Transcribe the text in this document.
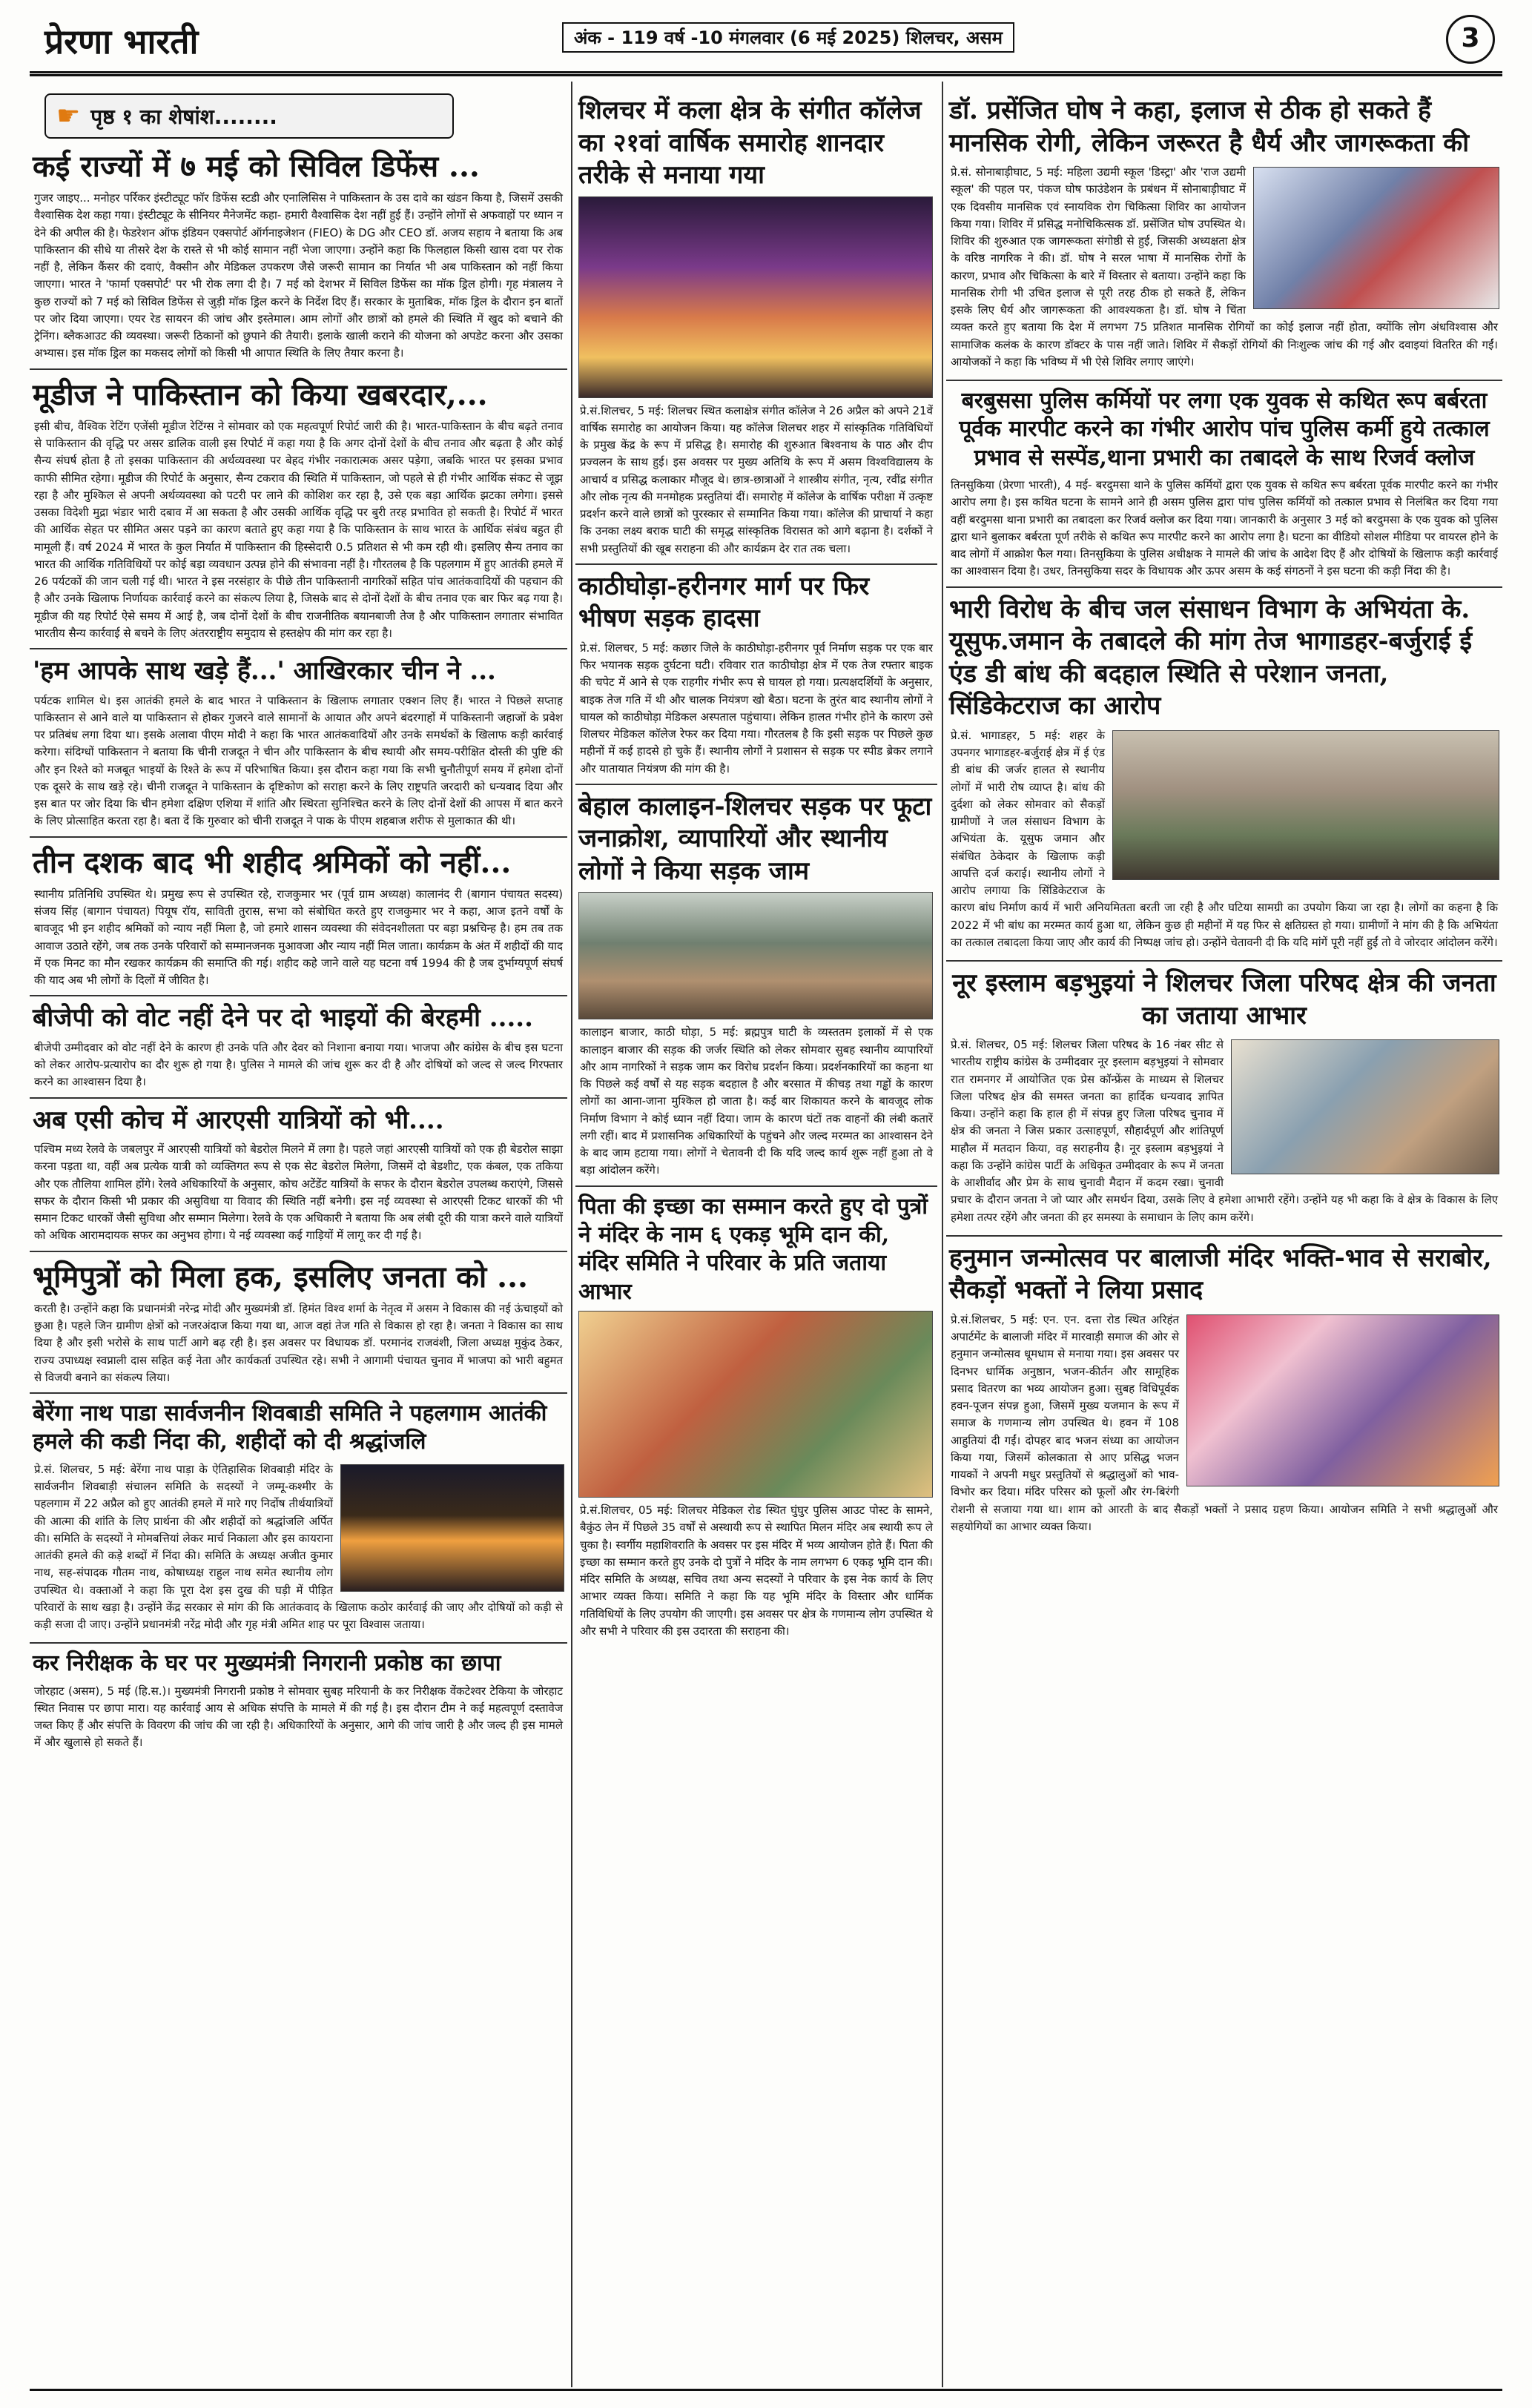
प्रेरणा भारती	अंक - 119 वर्ष -10 मंगलवार (6 मई 2025) शिलचर, असम	3
☛ पृष्ठ १ का शेषांश........
कई राज्यों में ७ मई को सिविल डिफेंस ...
गुजर जाइए... मनोहर पर्रिकर इंस्टीट्यूट फॉर डिफेंस स्टडी और एनालिसिस ने पाकिस्तान के उस दावे का खंडन किया है, जिसमें उसकी वैश्वासिक देश कहा गया। इंस्टीट्यूट के सीनियर मैनेजमेंट कहा- हमारी वैश्वासिक देश नहीं हुई हैं। उन्होंने लोगों से अफवाहों पर ध्यान न देने की अपील की है। फेडरेशन ऑफ इंडियन एक्सपोर्ट ऑर्गनाइजेशन (FIEO) के DG और CEO डॉ. अजय सहाय ने बताया कि अब पाकिस्तान की सीधे या तीसरे देश के रास्ते से भी कोई सामान नहीं भेजा जाएगा। उन्होंने कहा कि फिलहाल किसी खास दवा पर रोक नहीं है, लेकिन कैंसर की दवाएं, वैक्सीन और मेडिकल उपकरण जैसे जरूरी सामान का निर्यात भी अब पाकिस्तान को नहीं किया जाएगा। भारत ने 'फार्मा एक्सपोर्ट' पर भी रोक लगा दी है। 7 मई को देशभर में सिविल डिफेंस का मॉक ड्रिल होगी। गृह मंत्रालय ने कुछ राज्यों को 7 मई को सिविल डिफेंस से जुड़ी मॉक ड्रिल करने के निर्देश दिए हैं। सरकार के मुताबिक, मॉक ड्रिल के दौरान इन बातों पर जोर दिया जाएगा। एयर रेड सायरन की जांच और इस्तेमाल। आम लोगों और छात्रों को हमले की स्थिति में खुद को बचाने की ट्रेनिंग। ब्लैकआउट की व्यवस्था। जरूरी ठिकानों को छुपाने की तैयारी। इलाके खाली कराने की योजना को अपडेट करना और उसका अभ्यास। इस मॉक ड्रिल का मकसद लोगों को किसी भी आपात स्थिति के लिए तैयार करना है।
मूडीज ने पाकिस्तान को किया खबरदार,...
इसी बीच, वैश्विक रेटिंग एजेंसी मूडीज रेटिंग्स ने सोमवार को एक महत्वपूर्ण रिपोर्ट जारी की है। भारत-पाकिस्तान के बीच बढ़ते तनाव से पाकिस्तान की वृद्धि पर असर डालिक वाली इस रिपोर्ट में कहा गया है कि अगर दोनों देशों के बीच तनाव और बढ़ता है और कोई सैन्य संघर्ष होता है तो इसका पाकिस्तान की अर्थव्यवस्था पर बेहद गंभीर नकारात्मक असर पड़ेगा, जबकि भारत पर इसका प्रभाव काफी सीमित रहेगा। मूडीज की रिपोर्ट के अनुसार, सैन्य टकराव की स्थिति में पाकिस्तान, जो पहले से ही गंभीर आर्थिक संकट से जूझ रहा है और मुश्किल से अपनी अर्थव्यवस्था को पटरी पर लाने की कोशिश कर रहा है, उसे एक बड़ा आर्थिक झटका लगेगा। इससे उसका विदेशी मुद्रा भंडार भारी दबाव में आ सकता है और उसकी आर्थिक वृद्धि पर बुरी तरह प्रभावित हो सकती है। रिपोर्ट में भारत की आर्थिक सेहत पर सीमित असर पड़ने का कारण बताते हुए कहा गया है कि पाकिस्तान के साथ भारत के आर्थिक संबंध बहुत ही मामूली हैं। वर्ष 2024 में भारत के कुल निर्यात में पाकिस्तान की हिस्सेदारी 0.5 प्रतिशत से भी कम रही थी। इसलिए सैन्य तनाव का भारत की आर्थिक गतिविधियों पर कोई बड़ा व्यवधान उत्पन्न होने की संभावना नहीं है। गौरतलब है कि पहलगाम में हुए आतंकी हमले में 26 पर्यटकों की जान चली गई थी। भारत ने इस नरसंहार के पीछे तीन पाकिस्तानी नागरिकों सहित पांच आतंकवादियों की पहचान की है और उनके खिलाफ निर्णायक कार्रवाई करने का संकल्प लिया है, जिसके बाद से दोनों देशों के बीच तनाव एक बार फिर बढ़ गया है। मूडीज की यह रिपोर्ट ऐसे समय में आई है, जब दोनों देशों के बीच राजनीतिक बयानबाजी तेज है और पाकिस्तान लगातार संभावित भारतीय सैन्य कार्रवाई से बचने के लिए अंतरराष्ट्रीय समुदाय से हस्तक्षेप की मांग कर रहा है।
'हम आपके साथ खड़े हैं...' आखिरकार चीन ने ...
पर्यटक शामिल थे। इस आतंकी हमले के बाद भारत ने पाकिस्तान के खिलाफ लगातार एक्शन लिए हैं। भारत ने पिछले सप्ताह पाकिस्तान से आने वाले या पाकिस्तान से होकर गुजरने वाले सामानों के आयात और अपने बंदरगाहों में पाकिस्तानी जहाजों के प्रवेश पर प्रतिबंध लगा दिया था। इसके अलावा पीएम मोदी ने कहा कि भारत आतंकवादियों और उनके समर्थकों के खिलाफ कड़ी कार्रवाई करेगा। संदिग्धों पाकिस्तान ने बताया कि चीनी राजदूत ने चीन और पाकिस्तान के बीच स्थायी और समय-परीक्षित दोस्ती की पुष्टि की और इन रिश्ते को मजबूत भाइयों के रिश्ते के रूप में परिभाषित किया। इस दौरान कहा गया कि सभी चुनौतीपूर्ण समय में हमेशा दोनों एक दूसरे के साथ खड़े रहे। चीनी राजदूत ने पाकिस्तान के दृष्टिकोण को सराहा करने के लिए राष्ट्रपति जरदारी को धन्यवाद दिया और इस बात पर जोर दिया कि चीन हमेशा दक्षिण एशिया में शांति और स्थिरता सुनिश्चित करने के लिए दोनों देशों की आपस में बात करने के लिए प्रोत्साहित करता रहा है। बता दें कि गुरुवार को चीनी राजदूत ने पाक के पीएम शहबाज शरीफ से मुलाकात की थी।
तीन दशक बाद भी शहीद श्रमिकों को नहीं...
स्थानीय प्रतिनिधि उपस्थित थे। प्रमुख रूप से उपस्थित रहे, राजकुमार भर (पूर्व ग्राम अध्यक्ष) कालानंद री (बागान पंचायत सदस्य) संजय सिंह (बागान पंचायत) पियूष राॅय, साविती तुरास, सभा को संबोधित करते हुए राजकुमार भर ने कहा, आज इतने वर्षों के बावजूद भी इन शहीद श्रमिकों को न्याय नहीं मिला है, जो हमारे शासन व्यवस्था की संवेदनशीलता पर बड़ा प्रश्नचिन्ह है। हम तब तक आवाज उठाते रहेंगे, जब तक उनके परिवारों को सम्मानजनक मुआवजा और न्याय नहीं मिल जाता। कार्यक्रम के अंत में शहीदों की याद में एक मिनट का मौन रखकर कार्यक्रम की समाप्ति की गई। शहीद कहे जाने वाले यह घटना वर्ष 1994 की है जब दुर्भाग्यपूर्ण संघर्ष की याद अब भी लोगों के दिलों में जीवित है।
बीजेपी को वोट नहीं देने पर दो भाइयों की बेरहमी .....
बीजेपी उम्मीदवार को वोट नहीं देने के कारण ही उनके पति और देवर को निशाना बनाया गया। भाजपा और कांग्रेस के बीच इस घटना को लेकर आरोप-प्रत्यारोप का दौर शुरू हो गया है। पुलिस ने मामले की जांच शुरू कर दी है और दोषियों को जल्द से जल्द गिरफ्तार करने का आश्वासन दिया है।
अब एसी कोच में आरएसी यात्रियों को भी....
पश्चिम मध्य रेलवे के जबलपुर में आरएसी यात्रियों को बेडरोल मिलने में लगा है। पहले जहां आरएसी यात्रियों को एक ही बेडरोल साझा करना पड़ता था, वहीं अब प्रत्येक यात्री को व्यक्तिगत रूप से एक सेट बेडरोल मिलेगा, जिसमें दो बेडशीट, एक कंबल, एक तकिया और एक तौलिया शामिल होंगे। रेलवे अधिकारियों के अनुसार, कोच अटेंडेंट यात्रियों के सफर के दौरान बेडरोल उपलब्ध कराएंगे, जिससे सफर के दौरान किसी भी प्रकार की असुविधा या विवाद की स्थिति नहीं बनेगी। इस नई व्यवस्था से आरएसी टिकट धारकों की भी समान टिकट धारकों जैसी सुविधा और सम्मान मिलेगा। रेलवे के एक अधिकारी ने बताया कि अब लंबी दूरी की यात्रा करने वाले यात्रियों को अधिक आरामदायक सफर का अनुभव होगा। ये नई व्यवस्था कई गाड़ियों में लागू कर दी गई है।
भूमिपुत्रों को मिला हक, इसलिए जनता को ...
करती है। उन्होंने कहा कि प्रधानमंत्री नरेन्द्र मोदी और मुख्यमंत्री डॉ. हिमंत विश्व शर्मा के नेतृत्व में असम ने विकास की नई ऊंचाइयों को छुआ है। पहले जिन ग्रामीण क्षेत्रों को नजरअंदाज किया गया था, आज वहां तेज गति से विकास हो रहा है। जनता ने विकास का साथ दिया है और इसी भरोसे के साथ पार्टी आगे बढ़ रही है। इस अवसर पर विधायक डॉ. परमानंद राजवंशी, जिला अध्यक्ष मुकुंद ठेकर, राज्य उपाध्यक्ष स्वप्नाली दास सहित कई नेता और कार्यकर्ता उपस्थित रहे। सभी ने आगामी पंचायत चुनाव में भाजपा को भारी बहुमत से विजयी बनाने का संकल्प लिया।
बेरेंगा नाथ पाडा सार्वजनीन शिवबाडी समिति ने पहलगाम आतंकी हमले की कडी निंदा की, शहीदों को दी श्रद्धांजलि
प्रे.सं. शिलचर, 5 मई: बेरेंगा नाथ पाड़ा के ऐतिहासिक शिवबाड़ी मंदिर के सार्वजनीन शिवबाड़ी संचालन समिति के सदस्यों ने जम्मू-कश्मीर के पहलगाम में 22 अप्रैल को हुए आतंकी हमले में मारे गए निर्दोष तीर्थयात्रियों की आत्मा की शांति के लिए प्रार्थना की और शहीदों को श्रद्धांजलि अर्पित की। समिति के सदस्यों ने मोमबत्तियां लेकर मार्च निकाला और इस कायराना आतंकी हमले की कड़े शब्दों में निंदा की। समिति के अध्यक्ष अजीत कुमार नाथ, सह-संपादक गौतम नाथ, कोषाध्यक्ष राहुल नाथ समेत स्थानीय लोग उपस्थित थे। वक्ताओं ने कहा कि पूरा देश इस दुख की घड़ी में पीड़ित परिवारों के साथ खड़ा है। उन्होंने केंद्र सरकार से मांग की कि आतंकवाद के खिलाफ कठोर कार्रवाई की जाए और दोषियों को कड़ी से कड़ी सजा दी जाए। उन्होंने प्रधानमंत्री नरेंद्र मोदी और गृह मंत्री अमित शाह पर पूरा विश्वास जताया।
कर निरीक्षक के घर पर मुख्यमंत्री निगरानी प्रकोष्ठ का छापा
जोरहाट (असम), 5 मई (हि.स.)। मुख्यमंत्री निगरानी प्रकोष्ठ ने सोमवार सुबह मरियानी के कर निरीक्षक वेंकटेश्वर टेकिया के जोरहाट स्थित निवास पर छापा मारा। यह कार्रवाई आय से अधिक संपत्ति के मामले में की गई है। इस दौरान टीम ने कई महत्वपूर्ण दस्तावेज जब्त किए हैं और संपत्ति के विवरण की जांच की जा रही है। अधिकारियों के अनुसार, आगे की जांच जारी है और जल्द ही इस मामले में और खुलासे हो सकते हैं।
शिलचर में कला क्षेत्र के संगीत कॉलेज का २१वां वार्षिक समारोह शानदार तरीके से मनाया गया
प्रे.सं.शिलचर, 5 मई: शिलचर स्थित कलाक्षेत्र संगीत कॉलेज ने 26 अप्रैल को अपने 21वें वार्षिक समारोह का आयोजन किया। यह कॉलेज शिलचर शहर में सांस्कृतिक गतिविधियों के प्रमुख केंद्र के रूप में प्रसिद्ध है। समारोह की शुरुआत बिश्वनाथ के पाठ और दीप प्रज्वलन के साथ हुई। इस अवसर पर मुख्य अतिथि के रूप में असम विश्वविद्यालय के आचार्य व प्रसिद्ध कलाकार मौजूद थे। छात्र-छात्राओं ने शास्त्रीय संगीत, नृत्य, रवींद्र संगीत और लोक नृत्य की मनमोहक प्रस्तुतियां दीं। समारोह में कॉलेज के वार्षिक परीक्षा में उत्कृष्ट प्रदर्शन करने वाले छात्रों को पुरस्कार से सम्मानित किया गया। कॉलेज की प्राचार्या ने कहा कि उनका लक्ष्य बराक घाटी की समृद्ध सांस्कृतिक विरासत को आगे बढ़ाना है। दर्शकों ने सभी प्रस्तुतियों की खूब सराहना की और कार्यक्रम देर रात तक चला।
काठीघोड़ा-हरीनगर मार्ग पर फिर भीषण सड़क हादसा
प्रे.सं. शिलचर, 5 मई: कछार जिले के काठीघोड़ा-हरीनगर पूर्व निर्माण सड़क पर एक बार फिर भयानक सड़क दुर्घटना घटी। रविवार रात काठीघोड़ा क्षेत्र में एक तेज रफ्तार बाइक की चपेट में आने से एक राहगीर गंभीर रूप से घायल हो गया। प्रत्यक्षदर्शियों के अनुसार, बाइक तेज गति में थी और चालक नियंत्रण खो बैठा। घटना के तुरंत बाद स्थानीय लोगों ने घायल को काठीघोड़ा मेडिकल अस्पताल पहुंचाया। लेकिन हालत गंभीर होने के कारण उसे शिलचर मेडिकल कॉलेज रेफर कर दिया गया। गौरतलब है कि इसी सड़क पर पिछले कुछ महीनों में कई हादसे हो चुके हैं। स्थानीय लोगों ने प्रशासन से सड़क पर स्पीड ब्रेकर लगाने और यातायात नियंत्रण की मांग की है।
बेहाल कालाइन-शिलचर सड़क पर फूटा जनाक्रोश, व्यापारियों और स्थानीय लोगों ने किया सड़क जाम
कालाइन बाजार, काठी घोड़ा, 5 मई: ब्रह्मपुत्र घाटी के व्यस्ततम इलाकों में से एक कालाइन बाजार की सड़क की जर्जर स्थिति को लेकर सोमवार सुबह स्थानीय व्यापारियों और आम नागरिकों ने सड़क जाम कर विरोध प्रदर्शन किया। प्रदर्शनकारियों का कहना था कि पिछले कई वर्षों से यह सड़क बदहाल है और बरसात में कीचड़ तथा गड्ढों के कारण लोगों का आना-जाना मुश्किल हो जाता है। कई बार शिकायत करने के बावजूद लोक निर्माण विभाग ने कोई ध्यान नहीं दिया। जाम के कारण घंटों तक वाहनों की लंबी कतारें लगी रहीं। बाद में प्रशासनिक अधिकारियों के पहुंचने और जल्द मरम्मत का आश्वासन देने के बाद जाम हटाया गया। लोगों ने चेतावनी दी कि यदि जल्द कार्य शुरू नहीं हुआ तो वे बड़ा आंदोलन करेंगे।
पिता की इच्छा का सम्मान करते हुए दो पुत्रों ने मंदिर के नाम ६ एकड़ भूमि दान की, मंदिर समिति ने परिवार के प्रति जताया आभार
प्रे.सं.शिलचर, 05 मई: शिलचर मेडिकल रोड स्थित घुंघुर पुलिस आउट पोस्ट के सामने, बैकुंठ लेन में पिछले 35 वर्षों से अस्थायी रूप से स्थापित मिलन मंदिर अब स्थायी रूप ले चुका है। स्वर्गीय महाशिवराति के अवसर पर इस मंदिर में भव्य आयोजन होते हैं। पिता की इच्छा का सम्मान करते हुए उनके दो पुत्रों ने मंदिर के नाम लगभग 6 एकड़ भूमि दान की। मंदिर समिति के अध्यक्ष, सचिव तथा अन्य सदस्यों ने परिवार के इस नेक कार्य के लिए आभार व्यक्त किया। समिति ने कहा कि यह भूमि मंदिर के विस्तार और धार्मिक गतिविधियों के लिए उपयोग की जाएगी। इस अवसर पर क्षेत्र के गणमान्य लोग उपस्थित थे और सभी ने परिवार की इस उदारता की सराहना की।
डॉ. प्रसेंजित घोष ने कहा, इलाज से ठीक हो सकते हैं मानसिक रोगी, लेकिन जरूरत है धैर्य और जागरूकता की
प्रे.सं. सोनाबाड़ीघाट, 5 मई: महिला उद्यमी स्कूल 'डिस्ट्रा' और 'राज उद्यमी स्कूल' की पहल पर, पंकज घोष फाउंडेशन के प्रबंधन में सोनाबाड़ीघाट में एक दिवसीय मानसिक एवं स्नायविक रोग चिकित्सा शिविर का आयोजन किया गया। शिविर में प्रसिद्ध मनोचिकित्सक डॉ. प्रसेंजित घोष उपस्थित थे। शिविर की शुरुआत एक जागरूकता संगोष्ठी से हुई, जिसकी अध्यक्षता क्षेत्र के वरिष्ठ नागरिक ने की। डॉ. घोष ने सरल भाषा में मानसिक रोगों के कारण, प्रभाव और चिकित्सा के बारे में विस्तार से बताया। उन्होंने कहा कि मानसिक रोगी भी उचित इलाज से पूरी तरह ठीक हो सकते हैं, लेकिन इसके लिए धैर्य और जागरूकता की आवश्यकता है। डॉ. घोष ने चिंता व्यक्त करते हुए बताया कि देश में लगभग 75 प्रतिशत मानसिक रोगियों का कोई इलाज नहीं होता, क्योंकि लोग अंधविश्वास और सामाजिक कलंक के कारण डॉक्टर के पास नहीं जाते। शिविर में सैकड़ों रोगियों की निःशुल्क जांच की गई और दवाइयां वितरित की गईं। आयोजकों ने कहा कि भविष्य में भी ऐसे शिविर लगाए जाएंगे।
बरबुससा पुलिस कर्मियों पर लगा एक युवक से कथित रूप बर्बरता पूर्वक मारपीट करने का गंभीर आरोप पांच पुलिस कर्मी हुये तत्काल प्रभाव से सस्पेंड,थाना प्रभारी का तबादले के साथ रिजर्व क्लोज
तिनसुकिया (प्रेरणा भारती), 4 मई- बरदुमसा थाने के पुलिस कर्मियों द्वारा एक युवक से कथित रूप बर्बरता पूर्वक मारपीट करने का गंभीर आरोप लगा है। इस कथित घटना के सामने आने ही असम पुलिस द्वारा पांच पुलिस कर्मियों को तत्काल प्रभाव से निलंबित कर दिया गया वहीं बरदुमसा थाना प्रभारी का तबादला कर रिजर्व क्लोज कर दिया गया। जानकारी के अनुसार 3 मई को बरदुमसा के एक युवक को पुलिस द्वारा थाने बुलाकर बर्बरता पूर्ण तरीके से कथित रूप मारपीट करने का आरोप लगा है। घटना का वीडियो सोशल मीडिया पर वायरल होने के बाद लोगों में आक्रोश फैल गया। तिनसुकिया के पुलिस अधीक्षक ने मामले की जांच के आदेश दिए हैं और दोषियों के खिलाफ कड़ी कार्रवाई का आश्वासन दिया है। उधर, तिनसुकिया सदर के विधायक और ऊपर असम के कई संगठनों ने इस घटना की कड़ी निंदा की है।
भारी विरोध के बीच जल संसाधन विभाग के अभियंता के. यूसुफ.जमान के तबादले की मांग तेज भागाडहर-बर्जुराई ई एंड डी बांध की बदहाल स्थिति से परेशान जनता, सिंडिकेटराज का आरोप
प्रे.सं. भागाडहर, 5 मई: शहर के उपनगर भागाडहर-बर्जुराई क्षेत्र में ई एंड डी बांध की जर्जर हालत से स्थानीय लोगों में भारी रोष व्याप्त है। बांध की दुर्दशा को लेकर सोमवार को सैकड़ों ग्रामीणों ने जल संसाधन विभाग के अभियंता के. यूसुफ जमान और संबंधित ठेकेदार के खिलाफ कड़ी आपत्ति दर्ज कराई। स्थानीय लोगों ने आरोप लगाया कि सिंडिकेटराज के कारण बांध निर्माण कार्य में भारी अनियमितता बरती जा रही है और घटिया सामग्री का उपयोग किया जा रहा है। लोगों का कहना है कि 2022 में भी बांध का मरम्मत कार्य हुआ था, लेकिन कुछ ही महीनों में यह फिर से क्षतिग्रस्त हो गया। ग्रामीणों ने मांग की है कि अभियंता का तत्काल तबादला किया जाए और कार्य की निष्पक्ष जांच हो। उन्होंने चेतावनी दी कि यदि मांगें पूरी नहीं हुईं तो वे जोरदार आंदोलन करेंगे।
नूर इस्लाम बड़भुइयां ने शिलचर जिला परिषद क्षेत्र की जनता का जताया आभार
प्रे.सं. शिलचर, 05 मई: शिलचर जिला परिषद के 16 नंबर सीट से भारतीय राष्ट्रीय कांग्रेस के उम्मीदवार नूर इस्लाम बड़भुइयां ने सोमवार रात रामनगर में आयोजित एक प्रेस कॉन्फ्रेंस के माध्यम से शिलचर जिला परिषद क्षेत्र की समस्त जनता का हार्दिक धन्यवाद ज्ञापित किया। उन्होंने कहा कि हाल ही में संपन्न हुए जिला परिषद चुनाव में क्षेत्र की जनता ने जिस प्रकार उत्साहपूर्ण, सौहार्दपूर्ण और शांतिपूर्ण माहौल में मतदान किया, वह सराहनीय है। नूर इस्लाम बड़भुइयां ने कहा कि उन्होंने कांग्रेस पार्टी के अधिकृत उम्मीदवार के रूप में जनता के आशीर्वाद और प्रेम के साथ चुनावी मैदान में कदम रखा। चुनावी प्रचार के दौरान जनता ने जो प्यार और समर्थन दिया, उसके लिए वे हमेशा आभारी रहेंगे। उन्होंने यह भी कहा कि वे क्षेत्र के विकास के लिए हमेशा तत्पर रहेंगे और जनता की हर समस्या के समाधान के लिए काम करेंगे।
हनुमान जन्मोत्सव पर बालाजी मंदिर भक्ति-भाव से सराबोर, सैकड़ों भक्तों ने लिया प्रसाद
प्रे.सं.शिलचर, 5 मई: एन. एन. दत्ता रोड स्थित अरिहंत अपार्टमेंट के बालाजी मंदिर में मारवाड़ी समाज की ओर से हनुमान जन्मोत्सव धूमधाम से मनाया गया। इस अवसर पर दिनभर धार्मिक अनुष्ठान, भजन-कीर्तन और सामूहिक प्रसाद वितरण का भव्य आयोजन हुआ। सुबह विधिपूर्वक हवन-पूजन संपन्न हुआ, जिसमें मुख्य यजमान के रूप में समाज के गणमान्य लोग उपस्थित थे। हवन में 108 आहुतियां दी गईं। दोपहर बाद भजन संध्या का आयोजन किया गया, जिसमें कोलकाता से आए प्रसिद्ध भजन गायकों ने अपनी मधुर प्रस्तुतियों से श्रद्धालुओं को भाव-विभोर कर दिया। मंदिर परिसर को फूलों और रंग-बिरंगी रोशनी से सजाया गया था। शाम को आरती के बाद सैकड़ों भक्तों ने प्रसाद ग्रहण किया। आयोजन समिति ने सभी श्रद्धालुओं और सहयोगियों का आभार व्यक्त किया।
